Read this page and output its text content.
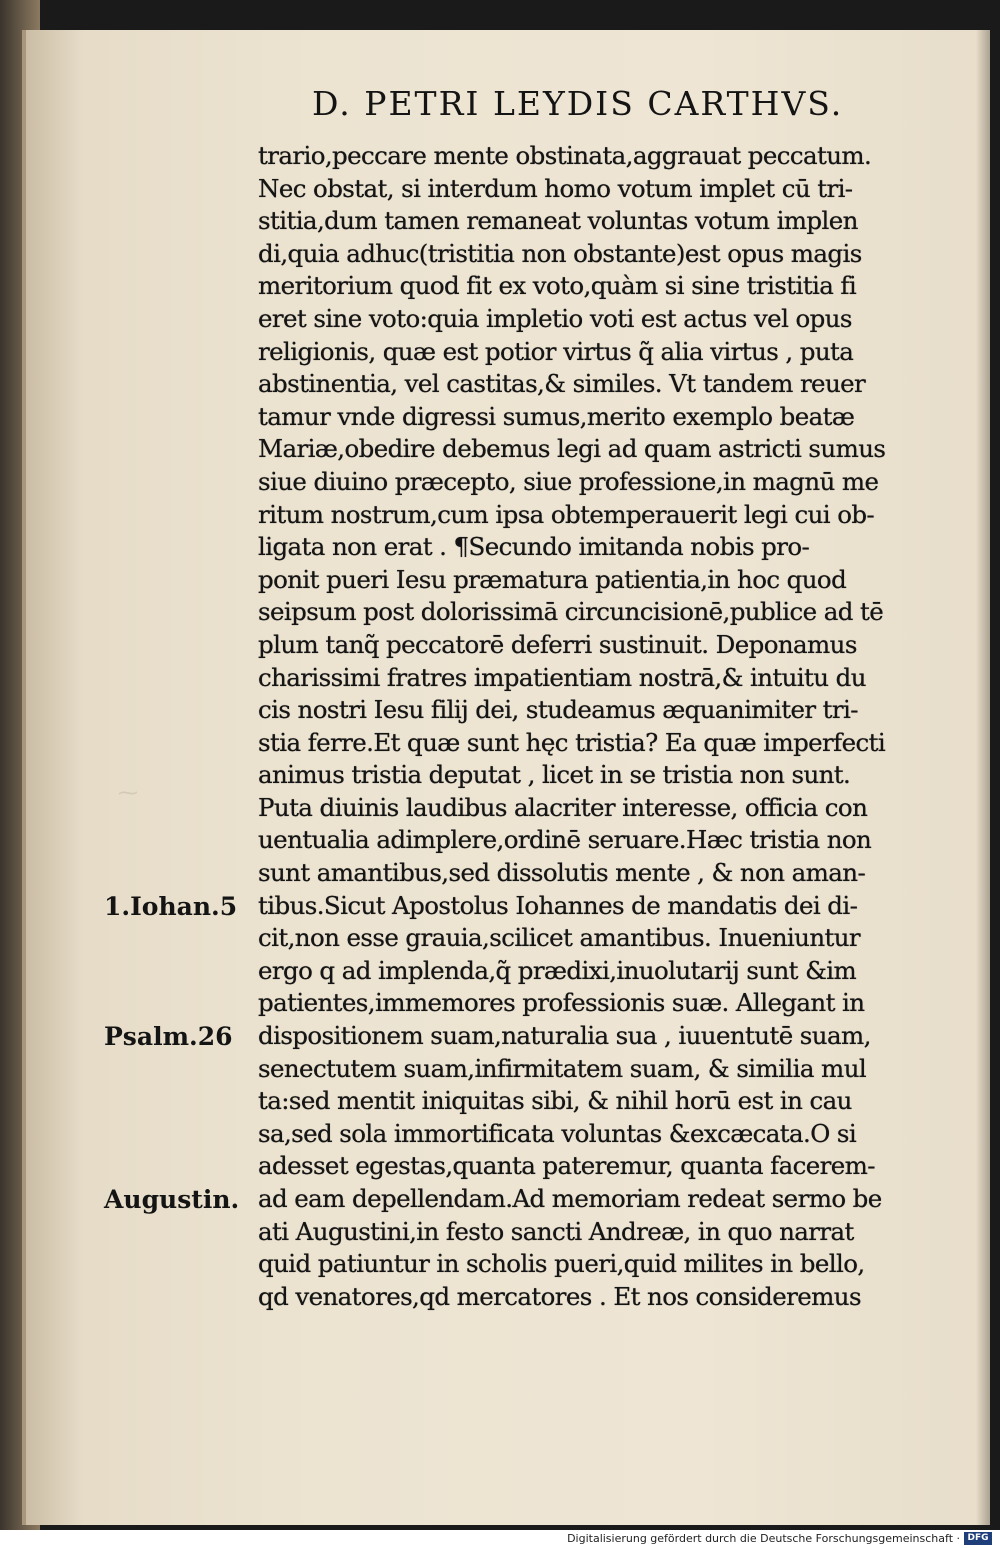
⁓
D. PETRI LEYDIS CARTHVS.
trario,peccare mente obstinata,aggrauat peccatum.
Nec obstat, si interdum homo votum implet cū tri-
stitia,dum tamen remaneat voluntas votum implen
di,quia adhuc(tristitia non obstante)est opus magis
meritorium quod fit ex voto,quàm si sine tristitia fi
eret sine voto:quia impletio voti est actus vel opus
religionis, quæ est potior virtus q̃ alia virtus , puta
abstinentia, vel castitas,& similes. Vt tandem reuer
tamur vnde digressi sumus,merito exemplo beatæ
Mariæ,obedire debemus legi ad quam astricti sumus
siue diuino præcepto, siue professione,in magnū me
ritum nostrum,cum ipsa obtemperauerit legi cui ob-
ligata non erat . ¶Secundo imitanda nobis pro-
ponit pueri Iesu præmatura patientia,in hoc quod
seipsum post dolorissimā circuncisionē,publice ad tē
plum tanq̃ peccatorē deferri sustinuit. Deponamus
charissimi fratres impatientiam nostrā,& intuitu du
cis nostri Iesu filij dei, studeamus æquanimiter tri-
stia ferre.Et quæ sunt hęc tristia? Ea quæ imperfecti
animus tristia deputat , licet in se tristia non sunt.
Puta diuinis laudibus alacriter interesse, officia con
uentualia adimplere,ordinē seruare.Hæc tristia non
sunt amantibus,sed dissolutis mente , & non aman-
tibus.Sicut Apostolus Iohannes de mandatis dei di-
cit,non esse grauia,scilicet amantibus. Inueniuntur
ergo q ad implenda,q̃ prædixi,inuolutarij sunt &im
patientes,immemores professionis suæ. Allegant in
dispositionem suam,naturalia sua , iuuentutē suam,
senectutem suam,infirmitatem suam, & similia mul
ta:sed mentit iniquitas sibi, & nihil horū est in cau
sa,sed sola immortificata voluntas &excæcata.O si
adesset egestas,quanta pateremur, quanta facerem-
ad eam depellendam.Ad memoriam redeat sermo be
ati Augustini,in festo sancti Andreæ, in quo narrat
quid patiuntur in scholis pueri,quid milites in bello,
qd venatores,qd mercatores . Et nos consideremus
1.Iohan.5
Psalm.26
Augustin.
Digitalisierung gefördert durch die Deutsche Forschungsgemeinschaft · DFG
